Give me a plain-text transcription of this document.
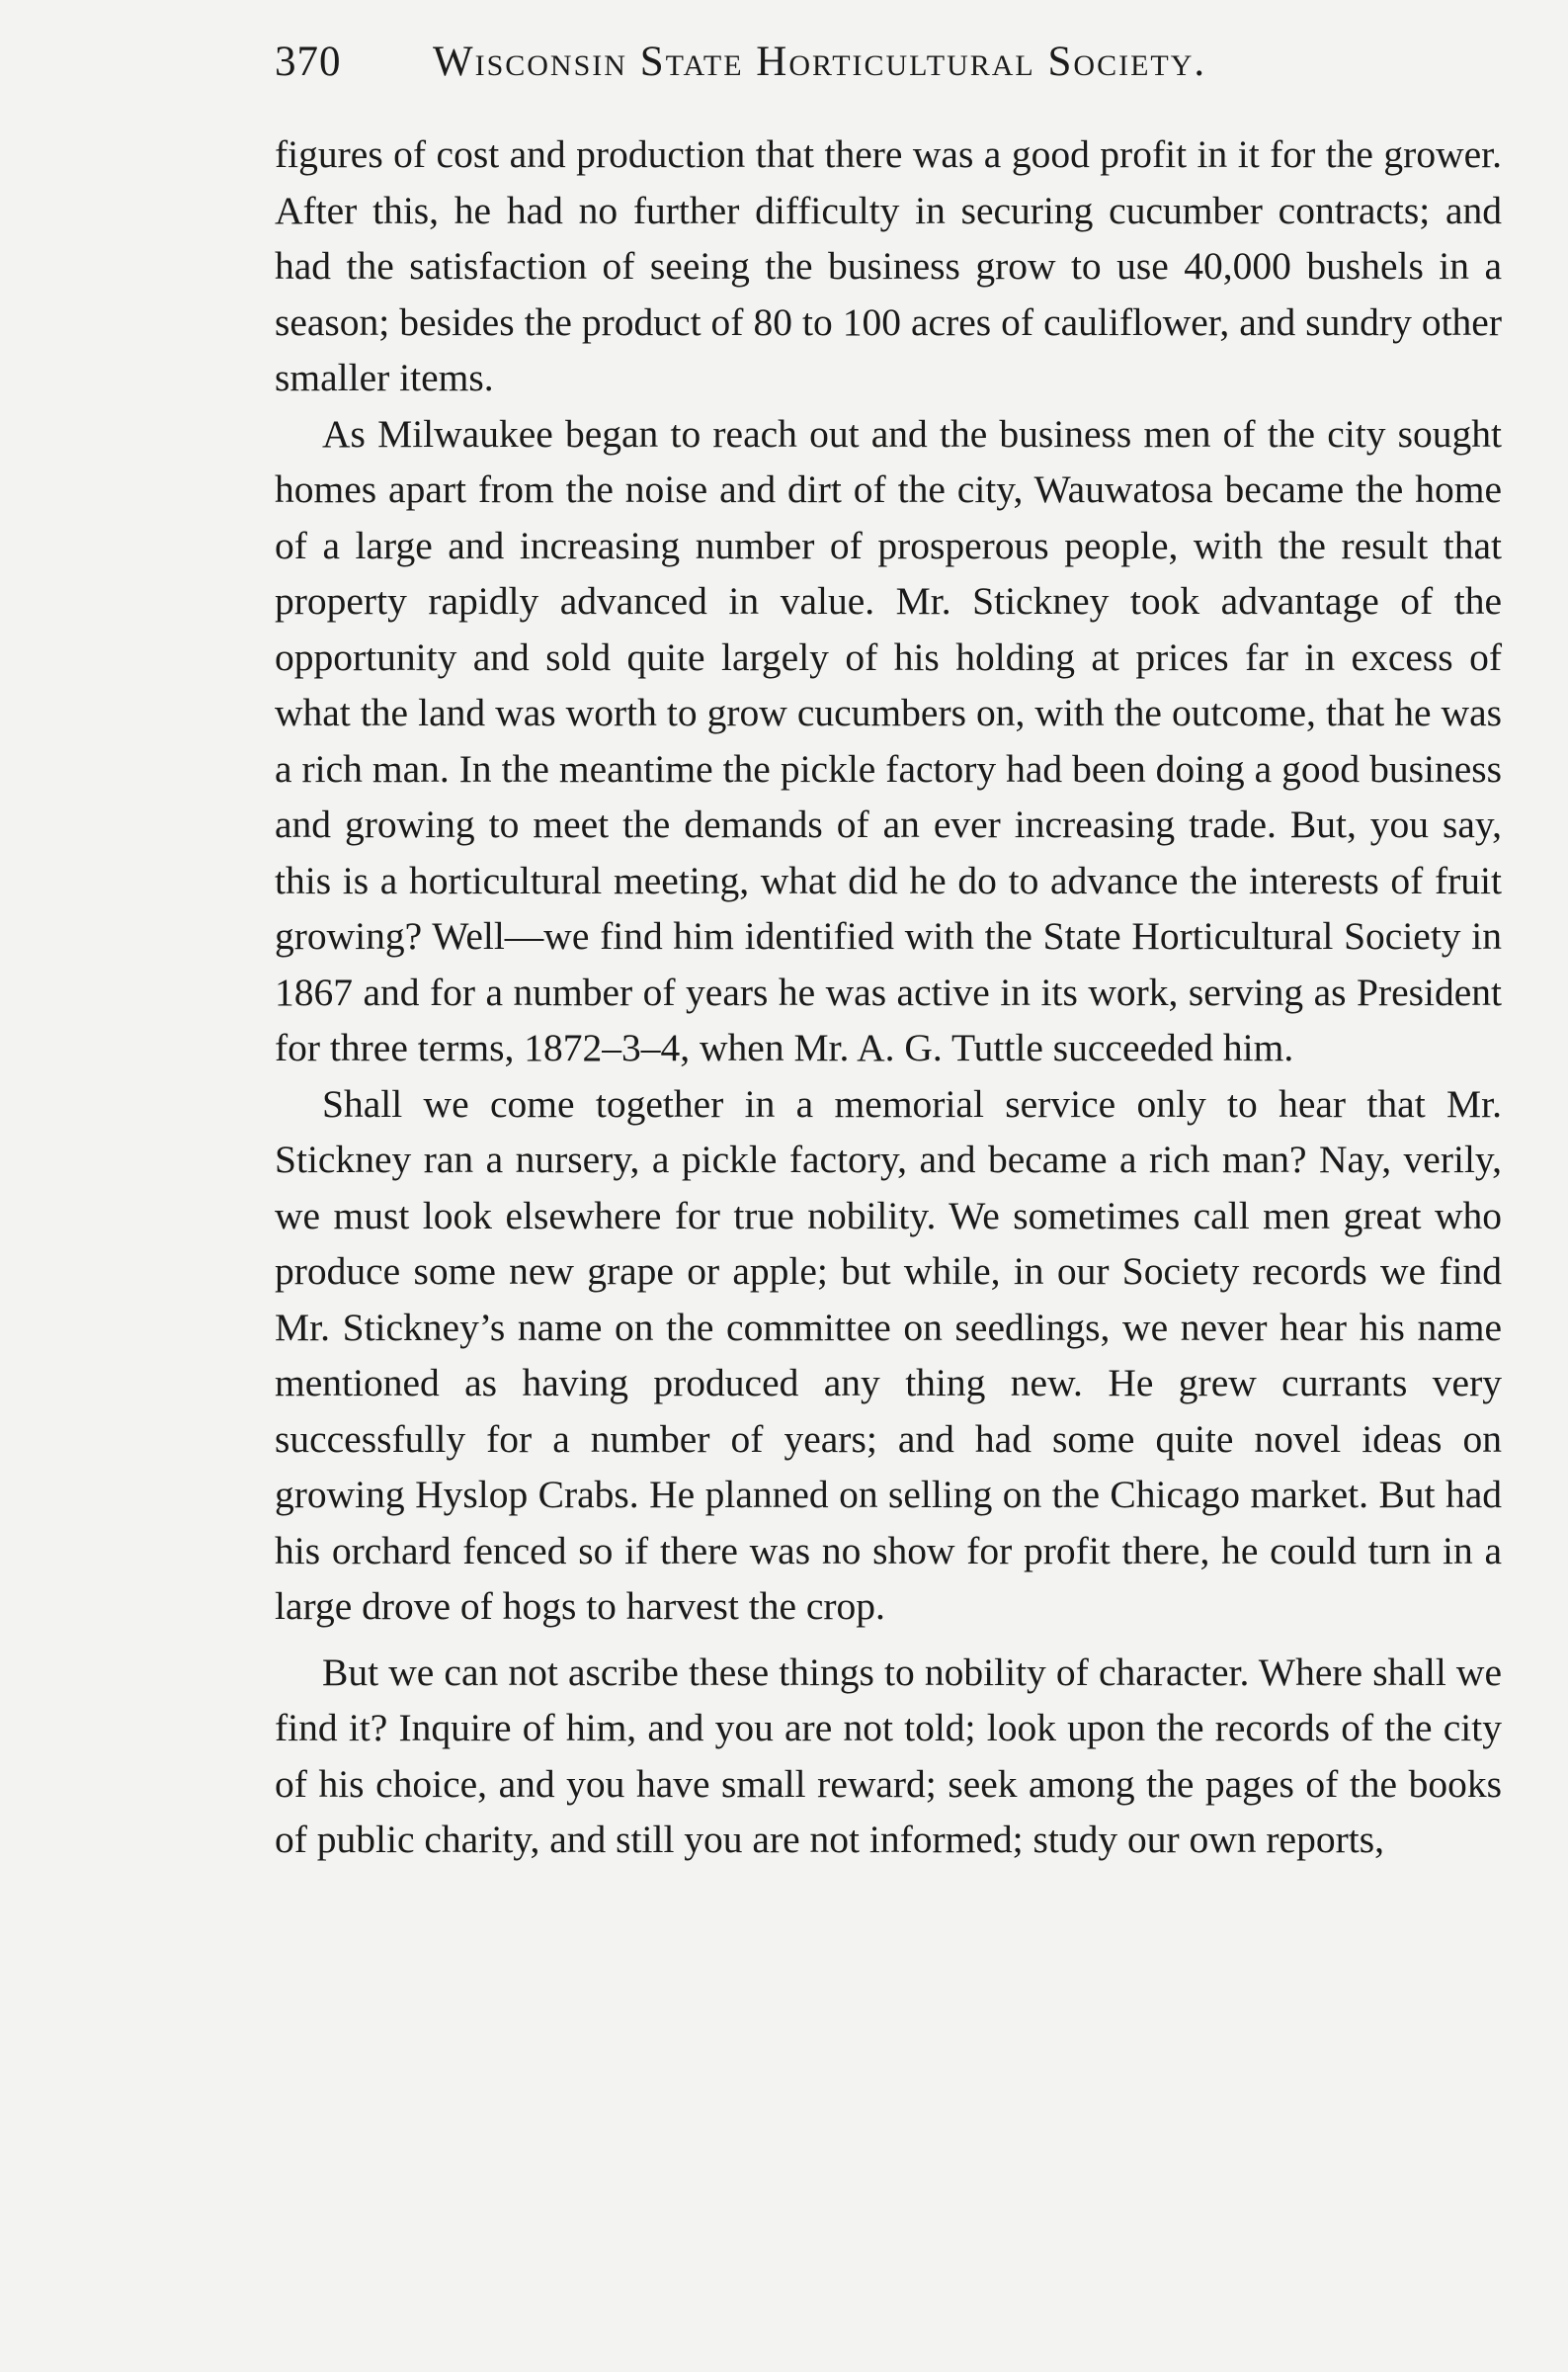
370 Wisconsin State Horticultural Society.

figures of cost and production that there was a good profit in it for the grower. After this, he had no further difficulty in securing cucumber contracts; and had the satisfaction of seeing the business grow to use 40,000 bushels in a season; besides the product of 80 to 100 acres of cauliflower, and sundry other smaller items.

As Milwaukee began to reach out and the business men of the city sought homes apart from the noise and dirt of the city, Wauwatosa became the home of a large and increasing number of prosperous people, with the result that property rapidly advanced in value. Mr. Stickney took advantage of the opportunity and sold quite largely of his holding at prices far in excess of what the land was worth to grow cucumbers on, with the outcome, that he was a rich man. In the meantime the pickle factory had been doing a good business and growing to meet the demands of an ever increasing trade. But, you say, this is a horticultural meeting, what did he do to advance the interests of fruit growing? Well—we find him identified with the State Horticultural Society in 1867 and for a number of years he was active in its work, serving as President for three terms, 1872–3–4, when Mr. A. G. Tuttle succeeded him.

Shall we come together in a memorial service only to hear that Mr. Stickney ran a nursery, a pickle factory, and became a rich man? Nay, verily, we must look elsewhere for true nobility. We sometimes call men great who produce some new grape or apple; but while, in our Society records we find Mr. Stickney’s name on the committee on seedlings, we never hear his name mentioned as having produced any thing new. He grew currants very successfully for a number of years; and had some quite novel ideas on growing Hyslop Crabs. He planned on selling on the Chicago market. But had his orchard fenced so if there was no show for profit there, he could turn in a large drove of hogs to harvest the crop.

But we can not ascribe these things to nobility of character. Where shall we find it? Inquire of him, and you are not told; look upon the records of the city of his choice, and you have small reward; seek among the pages of the books of public charity, and still you are not informed; study our own reports,
